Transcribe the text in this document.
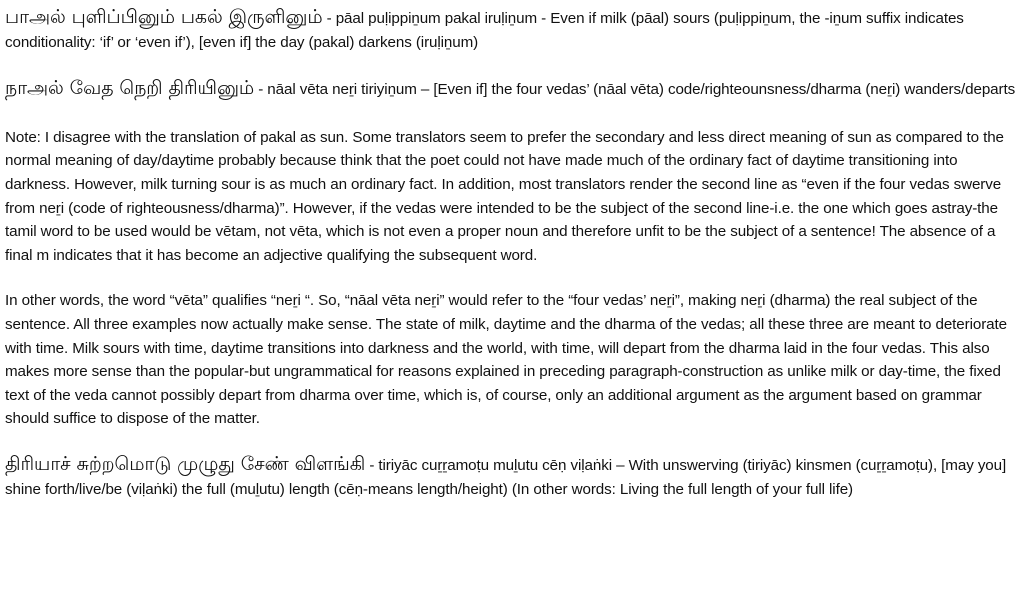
பாஅல் புளிப்பினும் பகல் இருளினும் - pāal puḷippiṉum pakal iruḷiṉum - Even if milk (pāal) sours (puḷippiṉum, the -iṉum suffix indicates conditionality: ‘if’ or ‘even if’), [even if] the day (pakal) darkens (iruḷiṉum)

நாஅல் வேத நெறி திரியினும் - nāal vēta neṟi tiriyiṉum – [Even if] the four vedas’ (nāal vēta) code/righteounsness/dharma (neṟi) wanders/departs

Note: I disagree with the translation of pakal as sun. Some translators seem to prefer the secondary and less direct meaning of sun as compared to the normal meaning of day/daytime probably because think that the poet could not have made much of the ordinary fact of daytime transitioning into darkness. However, milk turning sour is as much an ordinary fact. In addition, most translators render the second line as “even if the four vedas swerve from neṟi (code of righteousness/dharma)”. However, if the vedas were intended to be the subject of the second line-i.e. the one which goes astray-the tamil word to be used would be vētam, not vēta, which is not even a proper noun and therefore unfit to be the subject of a sentence! The absence of a final m indicates that it has become an adjective qualifying the subsequent word.

In other words, the word “vēta” qualifies “neṟi “. So, “nāal vēta neṟi” would refer to the “four vedas’ neṟi”, making neṟi (dharma) the real subject of the sentence. All three examples now actually make sense. The state of milk, daytime and the dharma of the vedas; all these three are meant to deteriorate with time. Milk sours with time, daytime transitions into darkness and the world, with time, will depart from the dharma laid in the four vedas. This also makes more sense than the popular-but ungrammatical for reasons explained in preceding paragraph-construction as unlike milk or day-time, the fixed text of the veda cannot possibly depart from dharma over time, which is, of course, only an additional argument as the argument based on grammar should suffice to dispose of the matter.

திரியாச் சுற்றமொடு முழுது சேண் விளங்கி - tiriyāc cuṟṟamoṭu muḻutu cēṇ viḷaṅki – With unswerving (tiriyāc) kinsmen (cuṟṟamoṭu), [may you] shine forth/live/be (viḷaṅki) the full (muḻutu) length (cēṇ-means length/height) (In other words: Living the full length of your full life)
